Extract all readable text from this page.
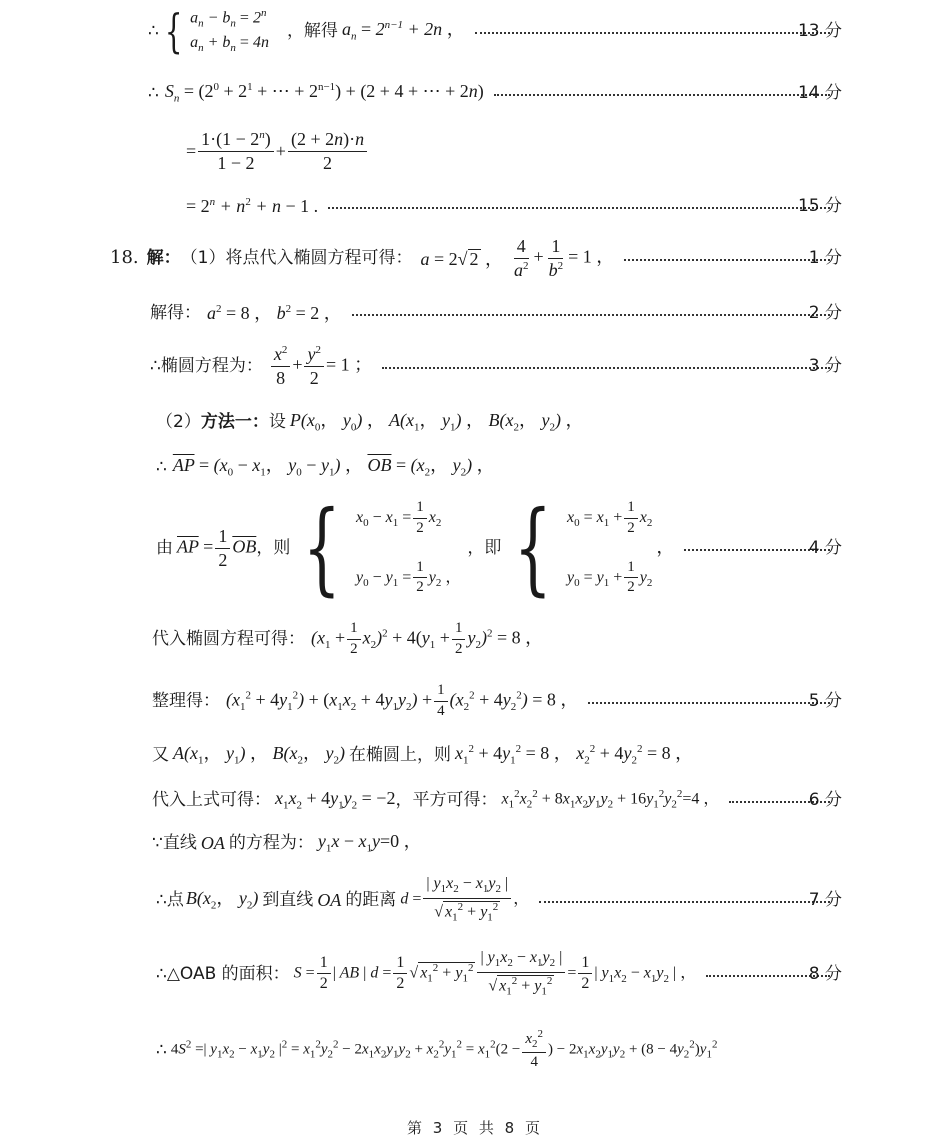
∴ { $a_n - b_n = 2^n$
$a_n + b_n = 4n$
，解得 $a_n = 2^{n-1} + 2n$ ，	13 分
∴ $S_n = (2^0 + 2^1$ + ⋯ + $2^{n-1}) + (2 + 4$ + ⋯ + 2n)	14 分
= $\frac{1\cdot(1 - 2^n)}{1 - 2} + \frac{(2 + 2n)\cdot n}{2}$
= $2^n + n^2 + n - 1$ .	15 分
18. 解： （1）将点代入椭圆方程可得： a = 2√ 2 ， $\frac{4}{a^2} + \frac{1}{b^2} = 1$ ，	1 分
解得： $a^2 = 8$ ， $b^2 = 2$ ，	2 分
∴椭圆方程为： $\frac{x^2}{8} + \frac{y^2}{2} = 1$ ；	3 分
（2） 方法一： 设 $P(x_0$， $y_0$) ， $A(x_1$， $y_1$) ， $B(x_2$， $y_2$) ，
∴ $\overline{AP} = (x_0 - x_1$， $y_0 - y_1$) ， $\overline{OB} = (x_2$， $y_2$) ，
由 $\overline{AP} = \frac{1}{2} \overline{OB}$ ，则 { $x_0 - x_1 = \frac{1}{2} x_2$
$y_0 - y_1 = \frac{1}{2} y_2$ ，
，即 { $x_0 = x_1 + \frac{1}{2} x_2$
$y_0 = y_1 + \frac{1}{2} y_2$
，	4 分
代入椭圆方程可得： $(x_1 + \frac{1}{2} x_2)^2 + 4(y_1 + \frac{1}{2} y_2)^2 = 8$ ，
整理得： $(x_1^2 + 4y_1^2) + (x_1x_2 + 4y_1y_2) + \frac{1}{4} (x_2^2 + 4y_2^2) = 8$ ，	5 分
又 $A(x_1$， $y_1$) ， $B(x_2$， $y_2$) 在椭圆上，则 $x_1^2 + 4y_1^2 = 8$ ， $x_2^2 + 4y_2^2 = 8$ ，
代入上式可得： $x_1x_2 + 4y_1y_2 = -2$ ，平方可得： $x_1^2x_2^2 + 8x_1x_2y_1y_2 + 16y_1^2y_2^2=4$ ，	6 分
∵直线 OA 的方程为： $y_1x - x_1y=0$ ，
∴点 $B(x_2$， $y_2$) 到直线 OA 的距离 $d = \frac{| y_1x_2 - x_1y_2 |}{√ x_1^2 + y_1^2}$ ，	7 分
∴△OAB 的面积： $S = \frac{1}{2}$ | AB | $d = \frac{1}{2}$ √ $x_1^2 + y_1^2 \frac{| y_1x_2 - x_1y_2 |}{√ x_1^2 + y_1^2} = \frac{1}{2}$ | $y_1x_2 - x_1y_2$ | ，	8 分
∴ $4S^2$ =| $y_1x_2 - x_1y_2$ $|^2 = x_1^2y_2^2 - 2x_1x_2y_1y_2 + x_2^2y_1^2 = x_1^2(2 - \frac{x_2^2}{4}$ ) − $2x_1x_2y_1y_2 + (8 - 4y_2^2)y_1^2$
第 3 页 共 8 页
